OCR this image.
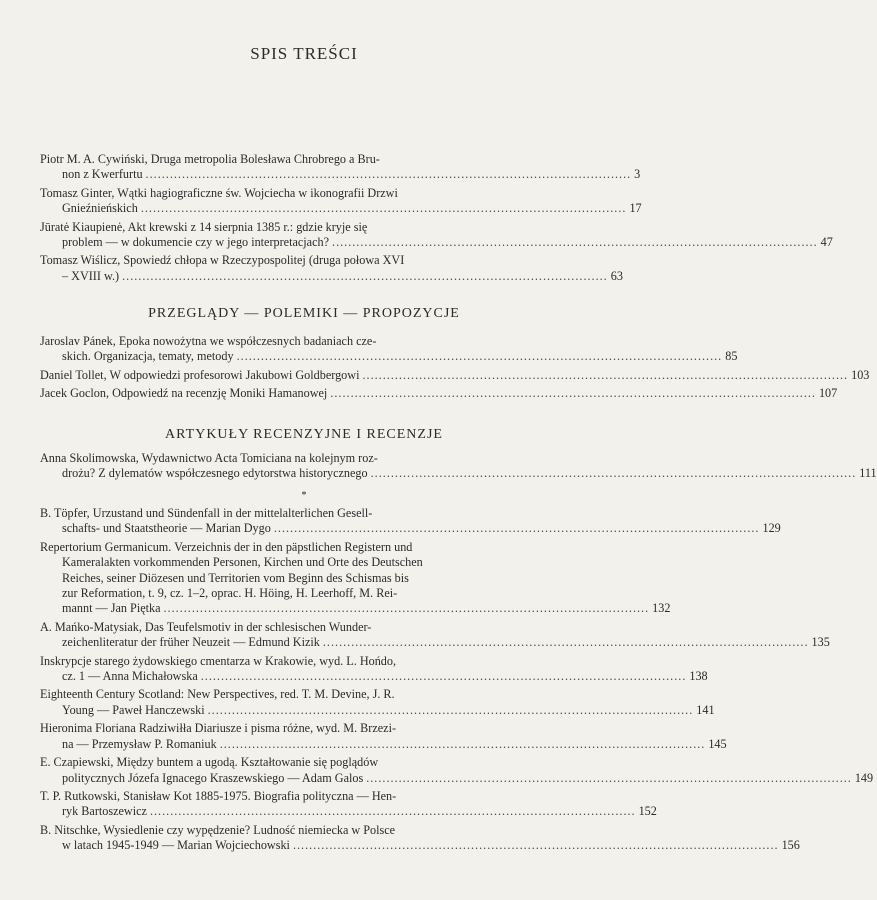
SPIS TREŚCI
Piotr M. A. Cywiński, Druga metropolia Bolesława Chrobrego a Bru-
non z Kwerfurtu ........................................................................................................................ 3
Tomasz Ginter, Wątki hagiograficzne św. Wojciecha w ikonografii Drzwi
Gnieźnieńskich ........................................................................................................................ 17
Jūratė Kiaupienė, Akt krewski z 14 sierpnia 1385 r.: gdzie kryje się
problem — w dokumencie czy w jego interpretacjach? ........................................................................................................................ 47
Tomasz Wiślicz, Spowiedź chłopa w Rzeczypospolitej (druga połowa XVI
– XVIII w.) ........................................................................................................................ 63
PRZEGLĄDY — POLEMIKI — PROPOZYCJE
Jaroslav Pánek, Epoka nowożytna we współczesnych badaniach cze-
skich. Organizacja, tematy, metody ........................................................................................................................ 85
Daniel Tollet, W odpowiedzi profesorowi Jakubowi Goldbergowi ........................................................................................................................ 103
Jacek Goclon, Odpowiedź na recenzję Moniki Hamanowej ........................................................................................................................ 107
ARTYKUŁY RECENZYJNE I RECENZJE
Anna Skolimowska, Wydawnictwo Acta Tomiciana na kolejnym roz-
drożu? Z dylematów współczesnego edytorstwa historycznego ........................................................................................................................ 111
*
B. Töpfer, Urzustand und Sündenfall in der mittelalterlichen Gesell-
schafts- und Staatstheorie — Marian Dygo ........................................................................................................................ 129
Repertorium Germanicum. Verzeichnis der in den päpstlichen Registern und
Kameralakten vorkommenden Personen, Kirchen und Orte des Deutschen
Reiches, seiner Diözesen und Territorien vom Beginn des Schismas bis
zur Reformation, t. 9, cz. 1–2, oprac. H. Höing, H. Leerhoff, M. Rei-
mannt — Jan Piętka ........................................................................................................................ 132
A. Mańko-Matysiak, Das Teufelsmotiv in der schlesischen Wunder-
zeichenliteratur der früher Neuzeit — Edmund Kizik ........................................................................................................................ 135
Inskrypcje starego żydowskiego cmentarza w Krakowie, wyd. L. Hońdo,
cz. 1 — Anna Michałowska ........................................................................................................................ 138
Eighteenth Century Scotland: New Perspectives, red. T. M. Devine, J. R.
Young — Paweł Hanczewski ........................................................................................................................ 141
Hieronima Floriana Radziwiłła Diariusze i pisma różne, wyd. M. Brzezi-
na — Przemysław P. Romaniuk ........................................................................................................................ 145
E. Czapiewski, Między buntem a ugodą. Kształtowanie się poglądów
politycznych Józefa Ignacego Kraszewskiego — Adam Galos ........................................................................................................................ 149
T. P. Rutkowski, Stanisław Kot 1885-1975. Biografia polityczna — Hen-
ryk Bartoszewicz ........................................................................................................................ 152
B. Nitschke, Wysiedlenie czy wypędzenie? Ludność niemiecka w Polsce
w latach 1945-1949 — Marian Wojciechowski ........................................................................................................................ 156
